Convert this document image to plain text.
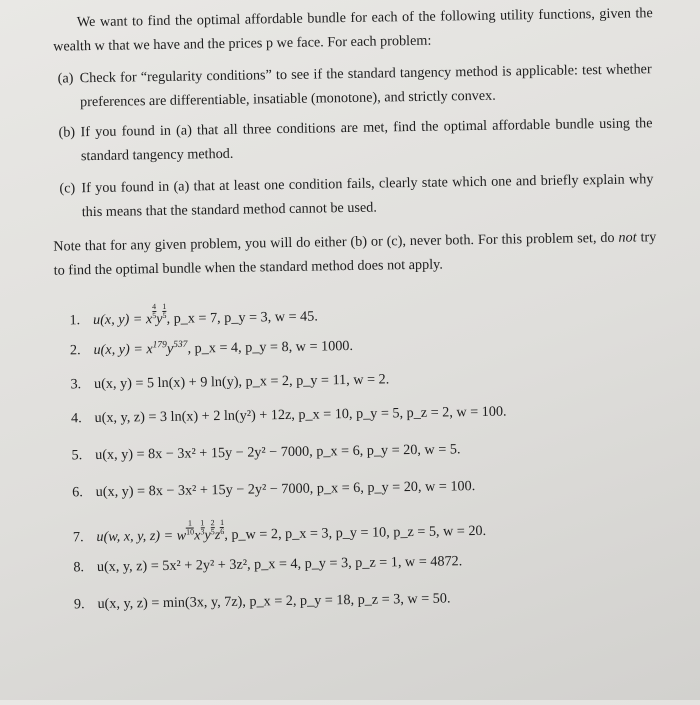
We want to find the optimal affordable bundle for each of the following utility functions, given the wealth w that we have and the prices p we face. For each problem:
(a) Check for “regularity conditions” to see if the standard tangency method is applicable: test whether preferences are differentiable, insatiable (monotone), and strictly convex.
(b) If you found in (a) that all three conditions are met, find the optimal affordable bundle using the standard tangency method.
(c) If you found in (a) that at least one condition fails, clearly state which one and briefly explain why this means that the standard method cannot be used.
Note that for any given problem, you will do either (b) or (c), never both. For this problem set, do not try to find the optimal bundle when the standard method does not apply.
1. u(x, y) = x $\frac{4}{5}$ y $\frac{1}{5}$ , p_x = 7, p_y = 3, w = 45.
2. u(x, $y) = x^{179}y^{537}$, p_x = 4, p_y = 8, w = 1000.
3. u(x, y) = 5 ln(x) + 9 ln(y), p_x = 2, p_y = 11, w = 2.
4. u(x, y, z) = 3 ln(x) + 2 ln(y²) + 12z, p_x = 10, p_y = 5, p_z = 2, w = 100.
5. u(x, y) = 8x − 3x² + 15y − 2y² − 7000, p_x = 6, p_y = 20, w = 5.
6. u(x, y) = 8x − 3x² + 15y − 2y² − 7000, p_x = 6, p_y = 20, w = 100.
7. u(w, x, y, z) = w $\frac{1}{10}$ x $\frac{1}{3}$ y $\frac{2}{5}$ z $\frac{1}{6}$ , p_w = 2, p_x = 3, p_y = 10, p_z = 5, w = 20.
8. u(x, y, z) = 5x² + 2y² + 3z², p_x = 4, p_y = 3, p_z = 1, w = 4872.
9. u(x, y, z) = min(3x, y, 7z), p_x = 2, p_y = 18, p_z = 3, w = 50.
